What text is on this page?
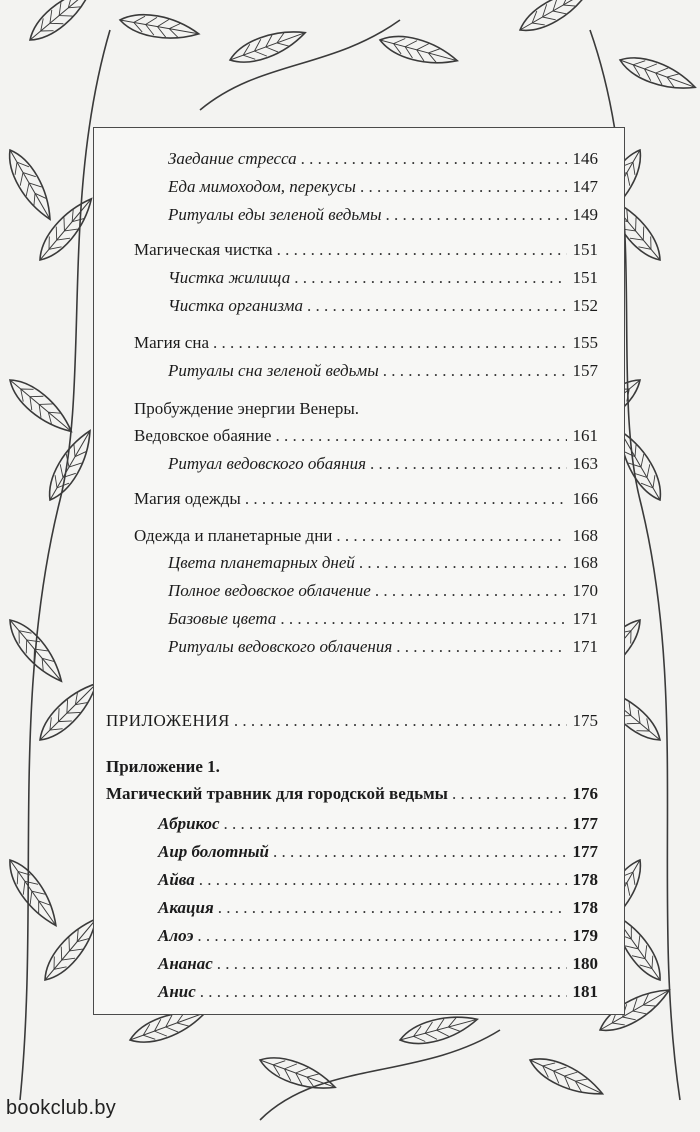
Заедание стресса . . .	146
Еда мимоходом, перекусы . . .	147
Ритуалы еды зеленой ведьмы . . .	149
Магическая чистка . . .	151
Чистка жилища . . .	151
Чистка организма . . .	152
Магия сна . . .	155
Ритуалы сна зеленой ведьмы . . .	157
Пробуждение энергии Венеры.
Ведовское обаяние . . .	161
Ритуал ведовского обаяния . . .	163
Магия одежды . . .	166
Одежда и планетарные дни . . .	168
Цвета планетарных дней . . .	168
Полное ведовское облачение . . .	170
Базовые цвета . . .	171
Ритуалы ведовского облачения . . .	171
ПРИЛОЖЕНИЯ . . .	175
Приложение 1.
Магический травник для городской ведьмы . . .	176
Абрикос . . .	177
Аир болотный . . .	177
Айва . . .	178
Акация . . .	178
Алоэ . . .	179
Ананас . . .	180
Анис . . .	181
bookclub.by
